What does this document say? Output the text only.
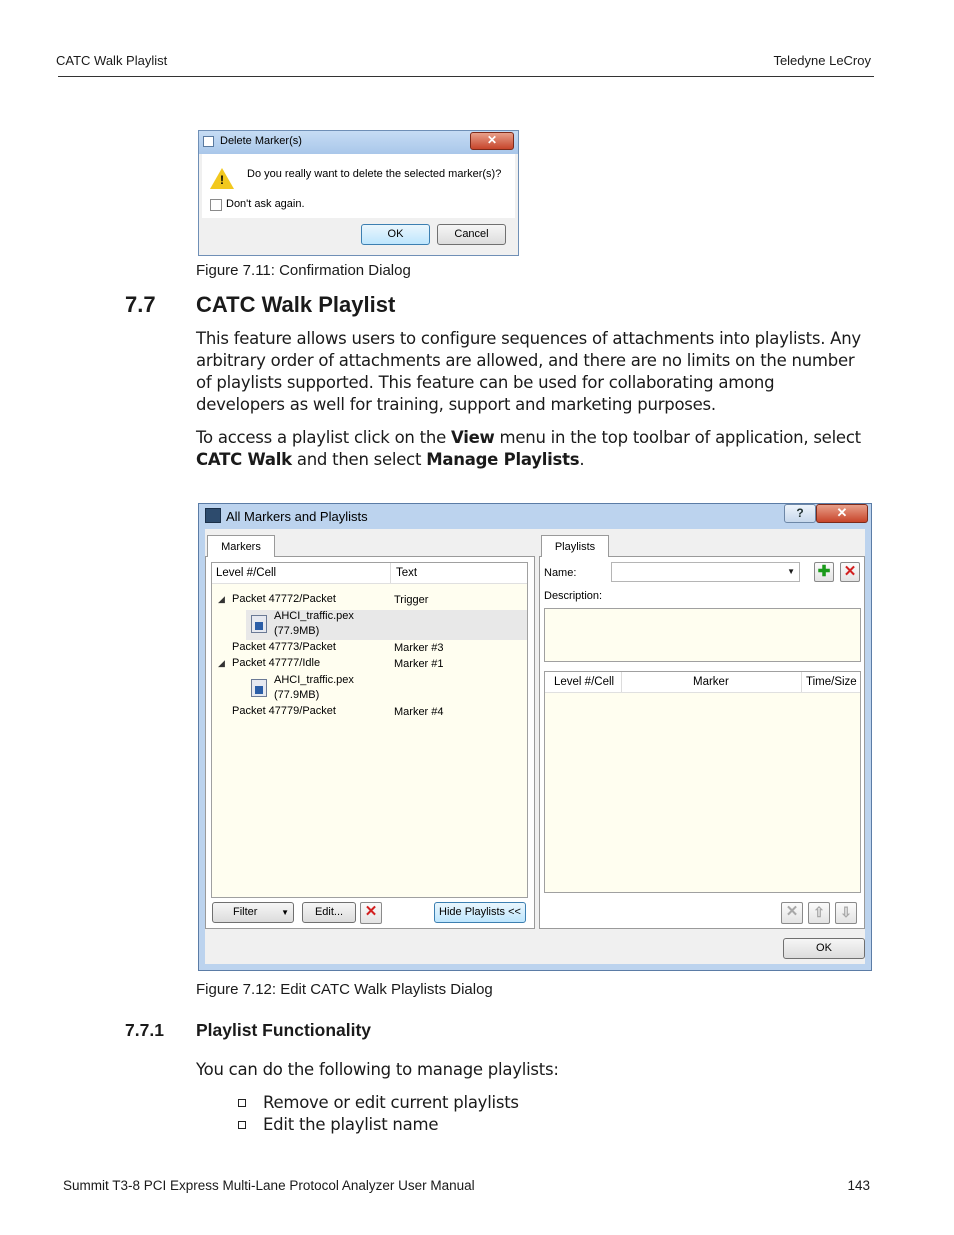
CATC Walk Playlist	Teledyne LeCroy
Delete Marker(s)	✕
! Do you really want to delete the selected marker(s)?
Don't ask again.
OK	Cancel
Figure 7.11: Confirmation Dialog
7.7 CATC Walk Playlist
This feature allows users to configure sequences of attachments into playlists. Any arbitrary order of attachments are allowed, and there are no limits on the number of playlists supported. This feature can be used for collaborating among developers as well for training, support and marketing purposes.
To access a playlist click on the View menu in the top toolbar of application, select CATC Walk and then select Manage Playlists.
All Markers and Playlists	?	✕
Markers
Level #/Cell	Text
◢ Packet 47772/Packet	Trigger
AHCI_traffic.pex
(77.9MB)
Packet 47773/Packet	Marker #3
◢ Packet 47777/Idle	Marker #1
AHCI_traffic.pex
(77.9MB)
Packet 47779/Packet	Marker #4
Filter	▼	Edit...	✕	Hide Playlists <<
Playlists
Name:	▼ ✚ ✕
Description:
Level #/Cell	Marker	Time/Size
✕	⇧	⇩
OK
Figure 7.12: Edit CATC Walk Playlists Dialog
7.7.1 Playlist Functionality
You can do the following to manage playlists:
Remove or edit current playlists
Edit the playlist name
Summit T3-8 PCI Express Multi-Lane Protocol Analyzer User Manual	143
